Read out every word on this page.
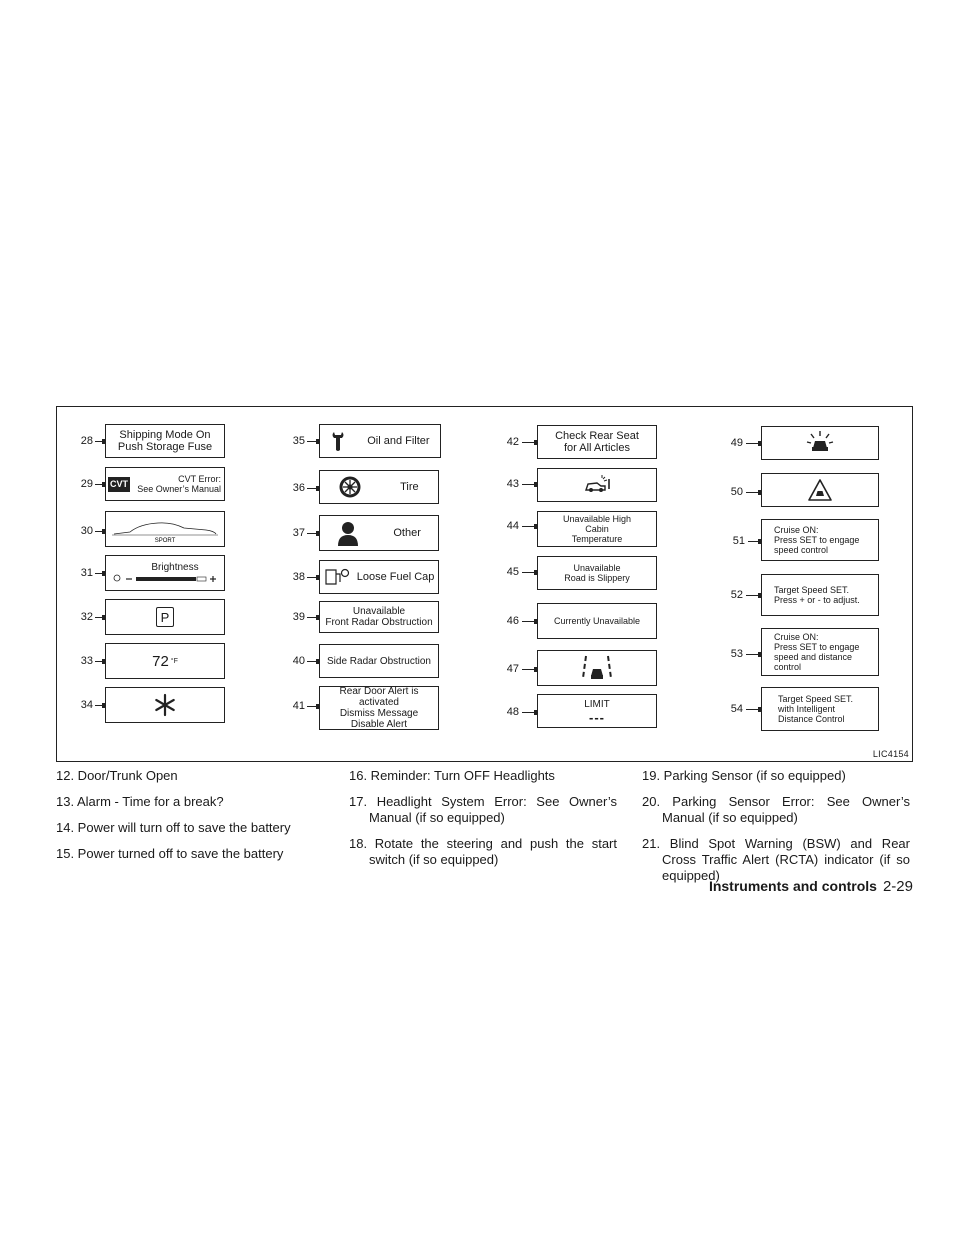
28 Shipping Mode On
Push Storage Fuse
29 CVT	CVT Error:
See Owner’s Manual
30
SPORT
31	Brightness
32	P
33	72 $^{^\circ F}$
34
35	Oil and Filter
36	Tire
37	Other
38	Loose Fuel Cap
39	Unavailable
Front Radar Obstruction
40 Side Radar Obstruction
41
Rear Door Alert is
activated
Dismiss Message
Disable Alert
42	Check Rear Seat
for All Articles
43
44
Unavailable High
Cabin
Temperature
45	Unavailable
Road is Slippery
46	Currently Unavailable
47
48
LIMIT
---
49
50
51
Cruise ON:
Press SET to engage
speed control
52	Target Speed SET.
Press + or - to adjust.
53
Cruise ON:
Press SET to engage
speed and distance
control
54
Target Speed SET.
with Intelligent
Distance Control
LIC4154
12. Door/Trunk Open
13. Alarm - Time for a break?
14. Power will turn off to save the battery
15. Power turned off to save the battery
16. Reminder: Turn OFF Headlights
17. Headlight System Error: See Owner’s Manual (if so equipped)
18. Rotate the steering and push the start switch (if so equipped)
19. Parking Sensor (if so equipped)
20. Parking Sensor Error: See Owner’s Manual (if so equipped)
21. Blind Spot Warning (BSW) and Rear Cross Traffic Alert (RCTA) indicator (if so equipped)
Instruments and controls 2-29
